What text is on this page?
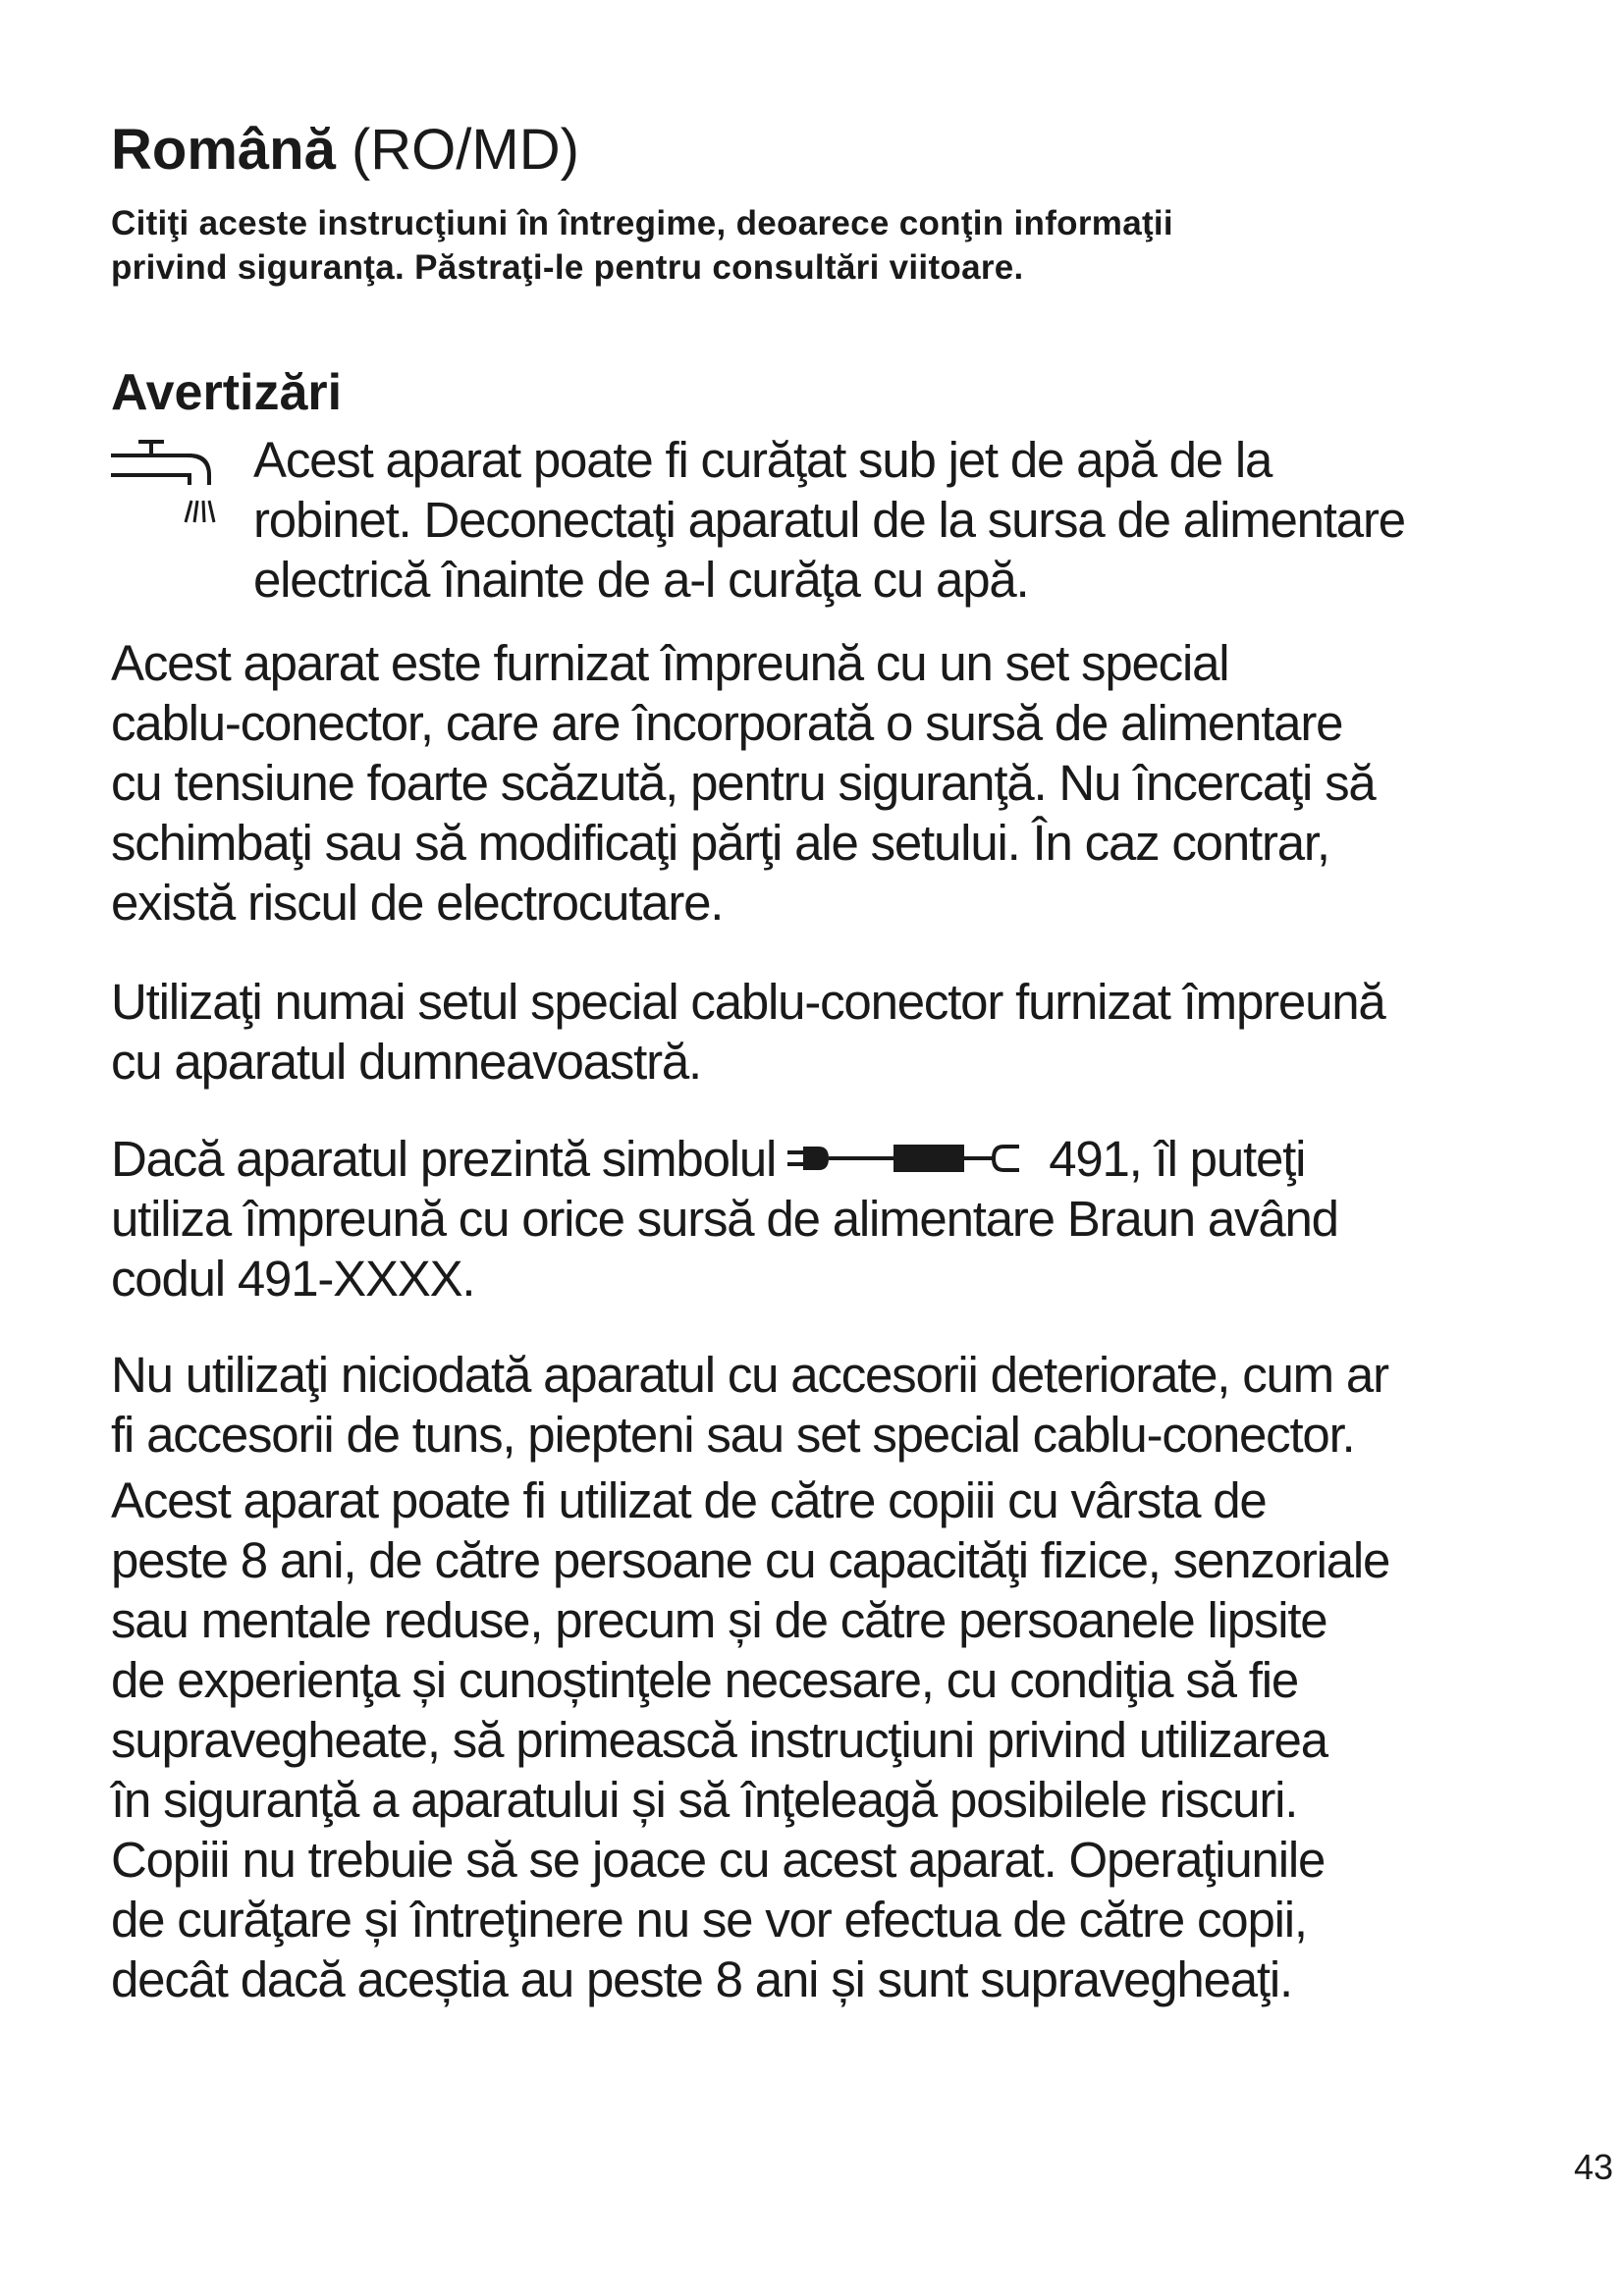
Română (RO/MD)
Citiţi aceste instrucţiuni în întregime, deoarece conţin informaţii
privind siguranţa. Păstraţi-le pentru consultări viitoare.
Avertizări
Acest aparat poate fi curăţat sub jet de apă de la
robinet. Deconectaţi aparatul de la sursa de alimentare
electrică înainte de a-l curăţa cu apă.
Acest aparat este furnizat împreună cu un set special
cablu-conector, care are încorporată o sursă de alimentare
cu tensiune foarte scăzută, pentru siguranţă. Nu încercaţi să
schimbaţi sau să modificaţi părţi ale setului. În caz contrar,
există riscul de electrocutare.
Utilizaţi numai setul special cablu-conector furnizat împreună
cu aparatul dumneavoastră.
Dacă aparatul prezintă simbolul	491, îl puteţi
utiliza împreună cu orice sursă de alimentare Braun având
codul 491-XXXX.
Nu utilizaţi niciodată aparatul cu accesorii deteriorate, cum ar
fi accesorii de tuns, piepteni sau set special cablu-conector.
Acest aparat poate fi utilizat de către copiii cu vârsta de
peste 8 ani, de către persoane cu capacităţi fizice, senzoriale
sau mentale reduse, precum și de către persoanele lipsite
de experienţa și cunoștinţele necesare, cu condiţia să fie
supravegheate, să primească instrucţiuni privind utilizarea
în siguranţă a aparatului și să înţeleagă posibilele riscuri.
Copiii nu trebuie să se joace cu acest aparat. Operaţiunile
de curăţare și întreţinere nu se vor efectua de către copii,
decât dacă aceștia au peste 8 ani și sunt supravegheaţi.
43
